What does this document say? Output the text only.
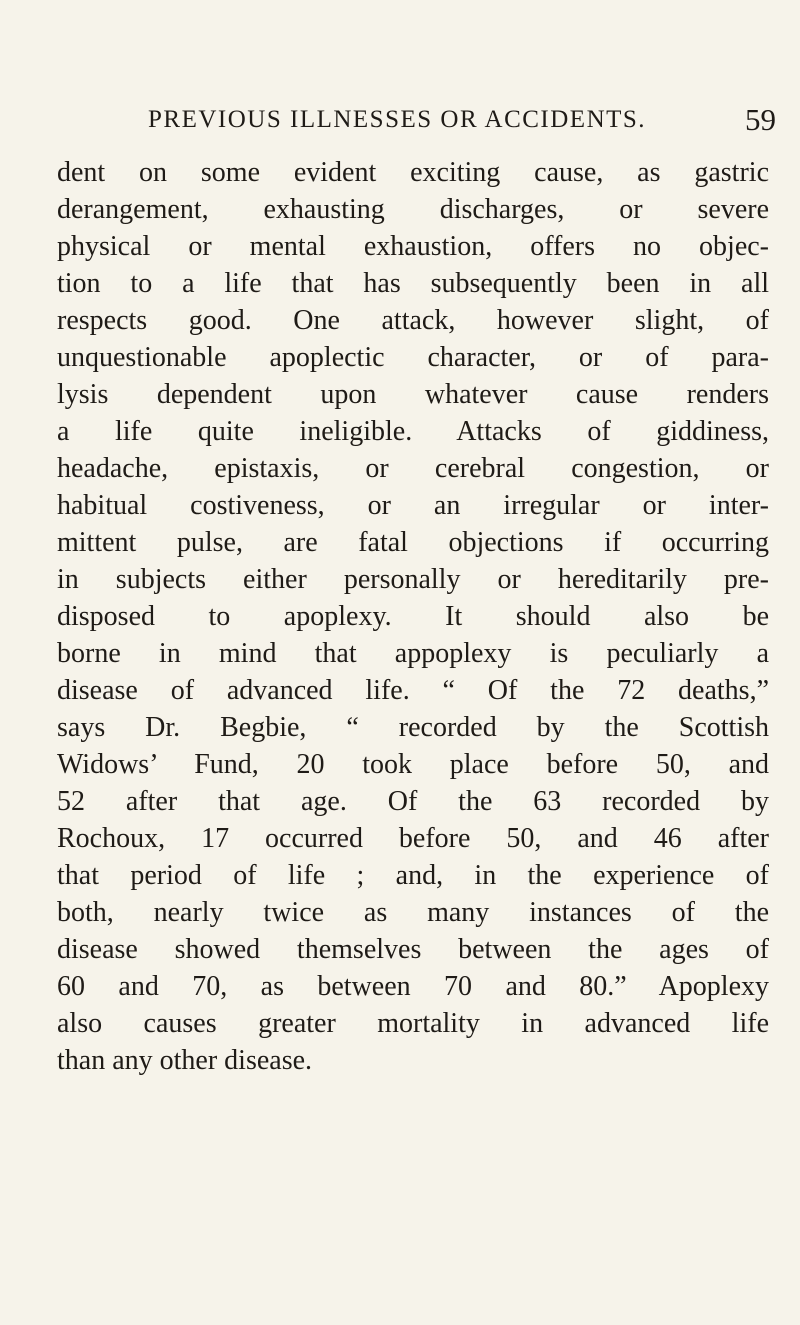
PREVIOUS ILLNESSES OR ACCIDENTS.	59
dent on some evident exciting cause, as gastric
derangement, exhausting discharges, or severe
physical or mental exhaustion, offers no objec-
tion to a life that has subsequently been in all
respects good. One attack, however slight, of
unquestionable apoplectic character, or of para-
lysis dependent upon whatever cause renders
a life quite ineligible. Attacks of giddiness,
headache, epistaxis, or cerebral congestion, or
habitual costiveness, or an irregular or inter-
mittent pulse, are fatal objections if occurring
in subjects either personally or hereditarily pre-
disposed to apoplexy. It should also be
borne in mind that appoplexy is peculiarly a
disease of advanced life. “ Of the 72 deaths,”
says Dr. Begbie, “ recorded by the Scottish
Widows’ Fund, 20 took place before 50, and
52 after that age. Of the 63 recorded by
Rochoux, 17 occurred before 50, and 46 after
that period of life ; and, in the experience of
both, nearly twice as many instances of the
disease showed themselves between the ages of
60 and 70, as between 70 and 80.” Apoplexy
also causes greater mortality in advanced life
than any other disease.
